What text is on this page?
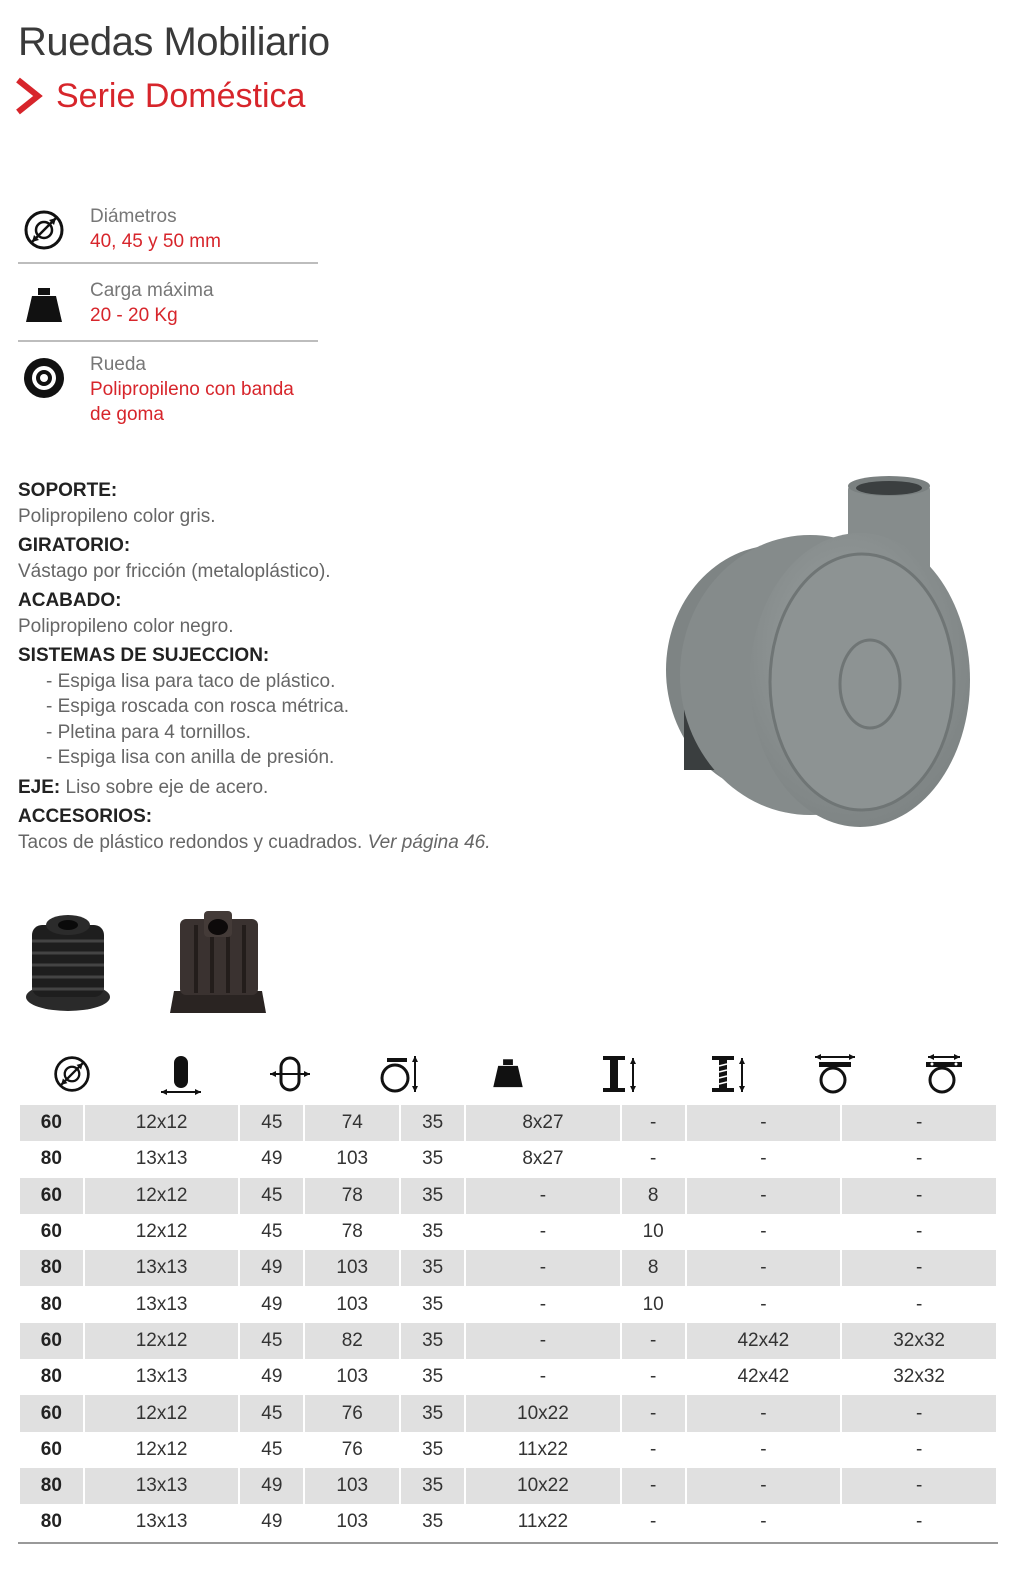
Ruedas Mobiliario
Serie Doméstica
Diámetros
40, 45 y 50 mm
Carga máxima
20 - 20 Kg
Rueda
Polipropileno con banda
de goma
SOPORTE:
Polipropileno color gris.
GIRATORIO:
Vástago por fricción (metaloplástico).
ACABADO:
Polipropileno color negro.
SISTEMAS DE SUJECCION:
- Espiga lisa para taco de plástico.
- Espiga roscada con rosca métrica.
- Pletina para 4 tornillos.
- Espiga lisa con anilla de presión.
EJE: Liso sobre eje de acero.
ACCESORIOS:
Tacos de plástico redondos y cuadrados. Ver página 46.
60	12x12	45	74	35	8x27	-	-	-
80	13x13	49	103	35	8x27	-	-	-
60	12x12	45	78	35	-	8	-	-
60	12x12	45	78	35	-	10	-	-
80	13x13	49	103	35	-	8	-	-
80	13x13	49	103	35	-	10	-	-
60	12x12	45	82	35	-	-	42x42	32x32
80	13x13	49	103	35	-	-	42x42	32x32
60	12x12	45	76	35	10x22	-	-	-
60	12x12	45	76	35	11x22	-	-	-
80	13x13	49	103	35	10x22	-	-	-
80	13x13	49	103	35	11x22	-	-	-
